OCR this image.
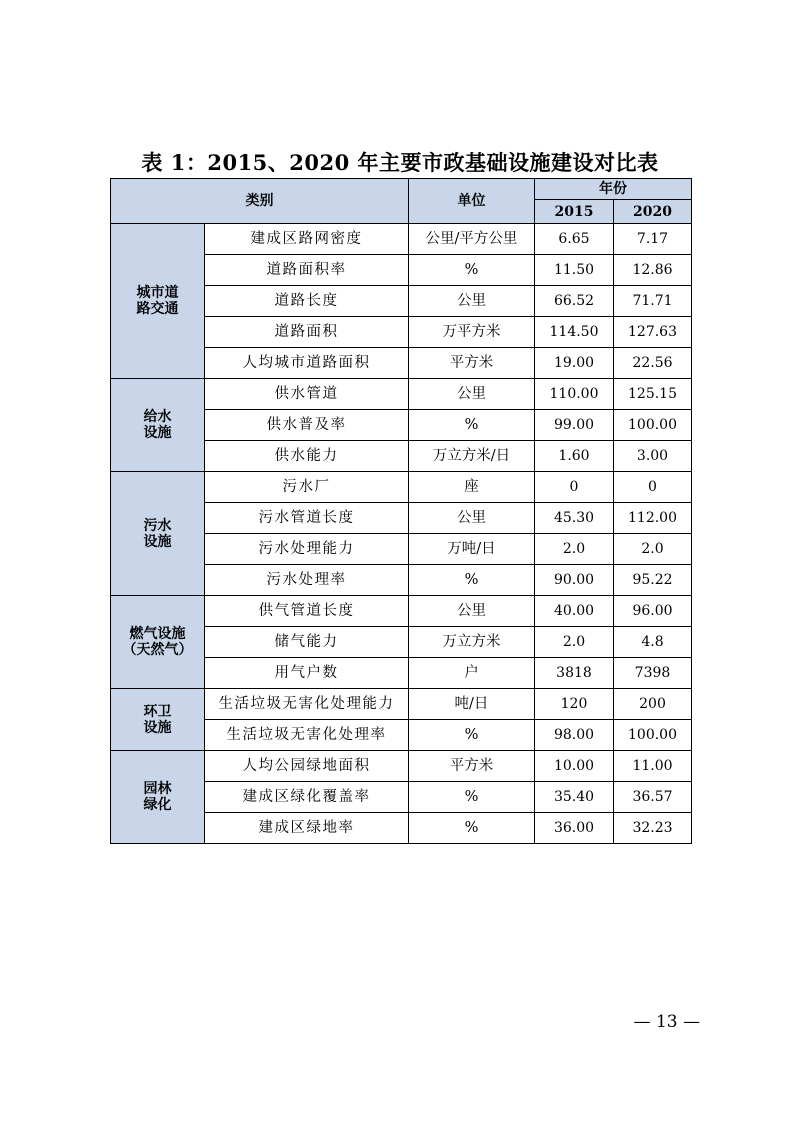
表 1：2015、2020 年主要市政基础设施建设对比表
类别		单位	年份	
			2015	2020

城市道
路交通	建成区路网密度	公里/平方公里	6.65	7.17
	道路面积率	%	11.50	12.86
	道路长度	公里	66.52	71.71
	道路面积	万平方米	114.50	127.63
	人均城市道路面积	平方米	19.00	22.56

给水
设施	供水管道	公里	110.00	125.15
	供水普及率	%	99.00	100.00
	供水能力	万立方米/日	1.60	3.00

污水
设施	污水厂	座	0	0
	污水管道长度	公里	45.30	112.00
	污水处理能力	万吨/日	2.0	2.0
	污水处理率	%	90.00	95.22

燃气设施
（天然气）	供气管道长度	公里	40.00	96.00
	储气能力	万立方米	2.0	4.8
	用气户数	户	3818	7398

环卫
设施	生活垃圾无害化处理能力	吨/日	120	200
	生活垃圾无害化处理率	%	98.00	100.00

园林
绿化	人均公园绿地面积	平方米	10.00	11.00
	建成区绿化覆盖率	%	35.40	36.57
	建成区绿地率	%	36.00	32.23
— 13 —
